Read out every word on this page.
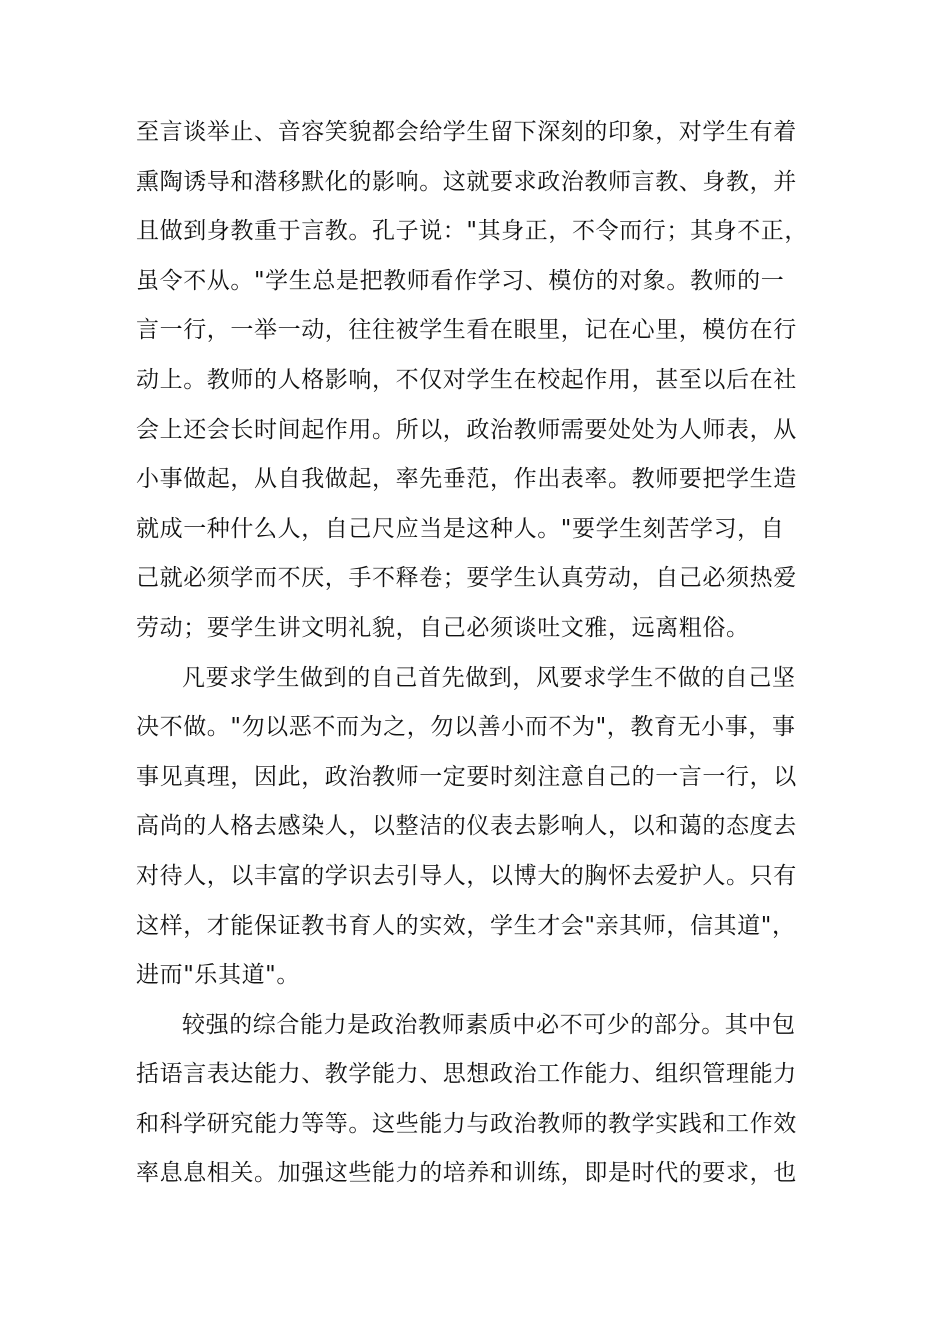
至言谈举止、音容笑貌都会给学生留下深刻的印象，对学生有着
熏陶诱导和潜移默化的影响。这就要求政治教师言教、身教，并
且做到身教重于言教。孔子说："其身正，不令而行；其身不正，
虽令不从。"学生总是把教师看作学习、模仿的对象。教师的一
言一行，一举一动，往往被学生看在眼里，记在心里，模仿在行
动上。教师的人格影响，不仅对学生在校起作用，甚至以后在社
会上还会长时间起作用。所以，政治教师需要处处为人师表，从
小事做起，从自我做起，率先垂范，作出表率。教师要把学生造
就成一种什么人，自己尺应当是这种人。"要学生刻苦学习，自
己就必须学而不厌，手不释卷；要学生认真劳动，自己必须热爱
劳动；要学生讲文明礼貌，自己必须谈吐文雅，远离粗俗。
凡要求学生做到的自己首先做到，风要求学生不做的自己坚
决不做。"勿以恶不而为之，勿以善小而不为"，教育无小事，事
事见真理，因此，政治教师一定要时刻注意自己的一言一行，以
高尚的人格去感染人，以整洁的仪表去影响人，以和蔼的态度去
对待人，以丰富的学识去引导人，以博大的胸怀去爱护人。只有
这样，才能保证教书育人的实效，学生才会"亲其师，信其道"，
进而"乐其道"。
较强的综合能力是政治教师素质中必不可少的部分。其中包
括语言表达能力、教学能力、思想政治工作能力、组织管理能力
和科学研究能力等等。这些能力与政治教师的教学实践和工作效
率息息相关。加强这些能力的培养和训练，即是时代的要求，也
